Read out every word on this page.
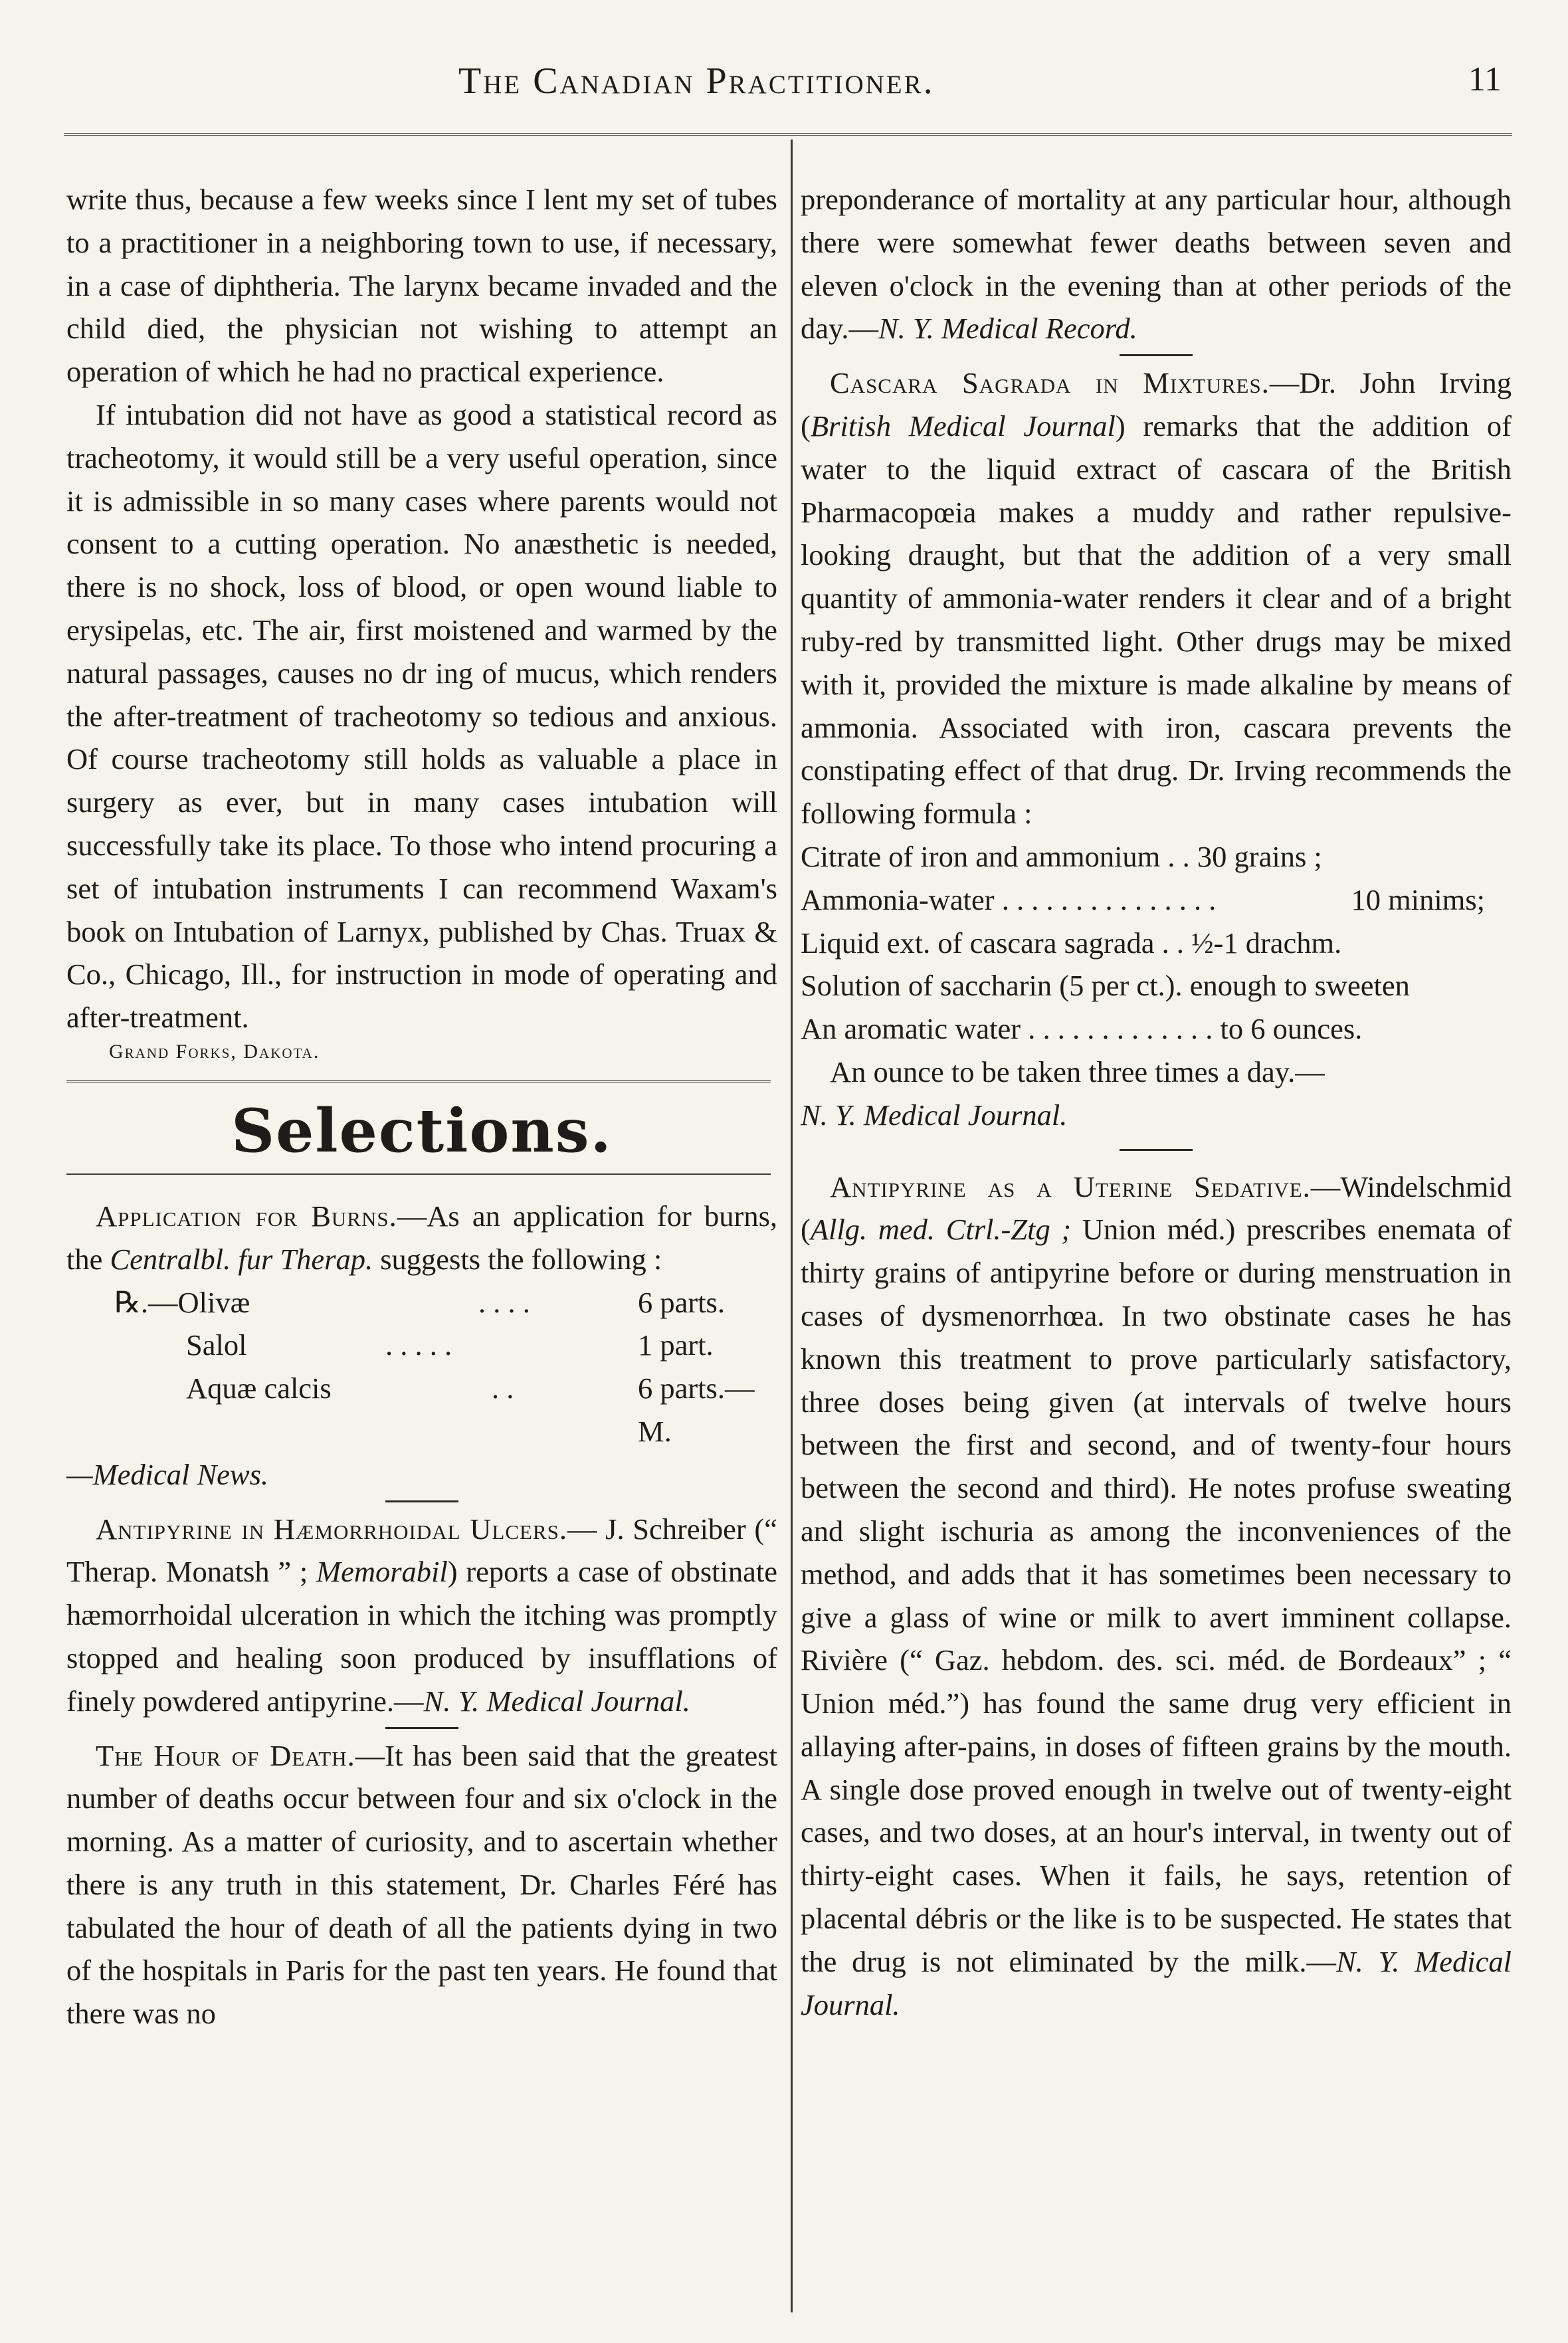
The Canadian Practitioner.	11

write thus, because a few weeks since I lent my set of tubes to a practitioner in a neighboring town to use, if necessary, in a case of diphtheria. The larynx became invaded and the child died, the physician not wishing to attempt an operation of which he had no practical experience.

If intubation did not have as good a statistical record as tracheotomy, it would still be a very useful operation, since it is admissible in so many cases where parents would not consent to a cutting operation. No anæsthetic is needed, there is no shock, loss of blood, or open wound liable to erysipelas, etc. The air, first moistened and warmed by the natural passages, causes no dr ing of mucus, which renders the after-treatment of tracheotomy so tedious and anxious. Of course tracheotomy still holds as valuable a place in surgery as ever, but in many cases intubation will successfully take its place. To those who intend procuring a set of intubation instruments I can recommend Waxam's book on Intubation of Larnyx, published by Chas. Truax & Co., Chicago, Ill., for instruction in mode of operating and after-treatment.

Grand Forks, Dakota.
Selections.

Application for Burns.—As an application for burns, the Centralbl. fur Therap. suggests the following :

℞.—Olivæ	. . . .	6 parts.
Salol	. . . . .	1 part.
Aquæ calcis	. .	6 parts.—M.

—Medical News.

Antipyrine in Hæmorrhoidal Ulcers.— J. Schreiber (“ Therap. Monatsh ” ; Memorabil) reports a case of obstinate hæmorrhoidal ulceration in which the itching was promptly stopped and healing soon produced by insufflations of finely powdered antipyrine.—N. Y. Medical Journal.

The Hour of Death.—It has been said that the greatest number of deaths occur between four and six o'clock in the morning. As a matter of curiosity, and to ascertain whether there is any truth in this statement, Dr. Charles Féré has tabulated the hour of death of all the patients dying in two of the hospitals in Paris for the past ten years. He found that there was no

preponderance of mortality at any particular hour, although there were somewhat fewer deaths between seven and eleven o'clock in the evening than at other periods of the day.—N. Y. Medical Record.

Cascara Sagrada in Mixtures.—Dr. John Irving (British Medical Journal) remarks that the addition of water to the liquid extract of cascara of the British Pharmacopœia makes a muddy and rather repulsive-looking draught, but that the addition of a very small quantity of ammonia-water renders it clear and of a bright ruby-red by transmitted light. Other drugs may be mixed with it, provided the mixture is made alkaline by means of ammonia. Associated with iron, cascara prevents the constipating effect of that drug. Dr. Irving recommends the following formula :

Citrate of iron and ammonium . . 30 grains ;

Ammonia-water . . . . . . . . . . . . . . .	10 minims;

Liquid ext. of cascara sagrada . . ½-1 drachm.

Solution of saccharin (5 per ct.). enough to sweeten

An aromatic water . . . . . . . . . . . . . to 6 ounces.

An ounce to be taken three times a day.—
N. Y. Medical Journal.

Antipyrine as a Uterine Sedative.—Windelschmid (Allg. med. Ctrl.-Ztg ; Union méd.) prescribes enemata of thirty grains of antipyrine before or during menstruation in cases of dysmenorrhœa. In two obstinate cases he has known this treatment to prove particularly satisfactory, three doses being given (at intervals of twelve hours between the first and second, and of twenty-four hours between the second and third). He notes profuse sweating and slight ischuria as among the inconveniences of the method, and adds that it has sometimes been necessary to give a glass of wine or milk to avert imminent collapse. Rivière (“ Gaz. hebdom. des. sci. méd. de Bordeaux” ; “ Union méd.”) has found the same drug very efficient in allaying after-pains, in doses of fifteen grains by the mouth. A single dose proved enough in twelve out of twenty-eight cases, and two doses, at an hour's interval, in twenty out of thirty-eight cases. When it fails, he says, retention of placental débris or the like is to be suspected. He states that the drug is not eliminated by the milk.—N. Y. Medical Journal.
